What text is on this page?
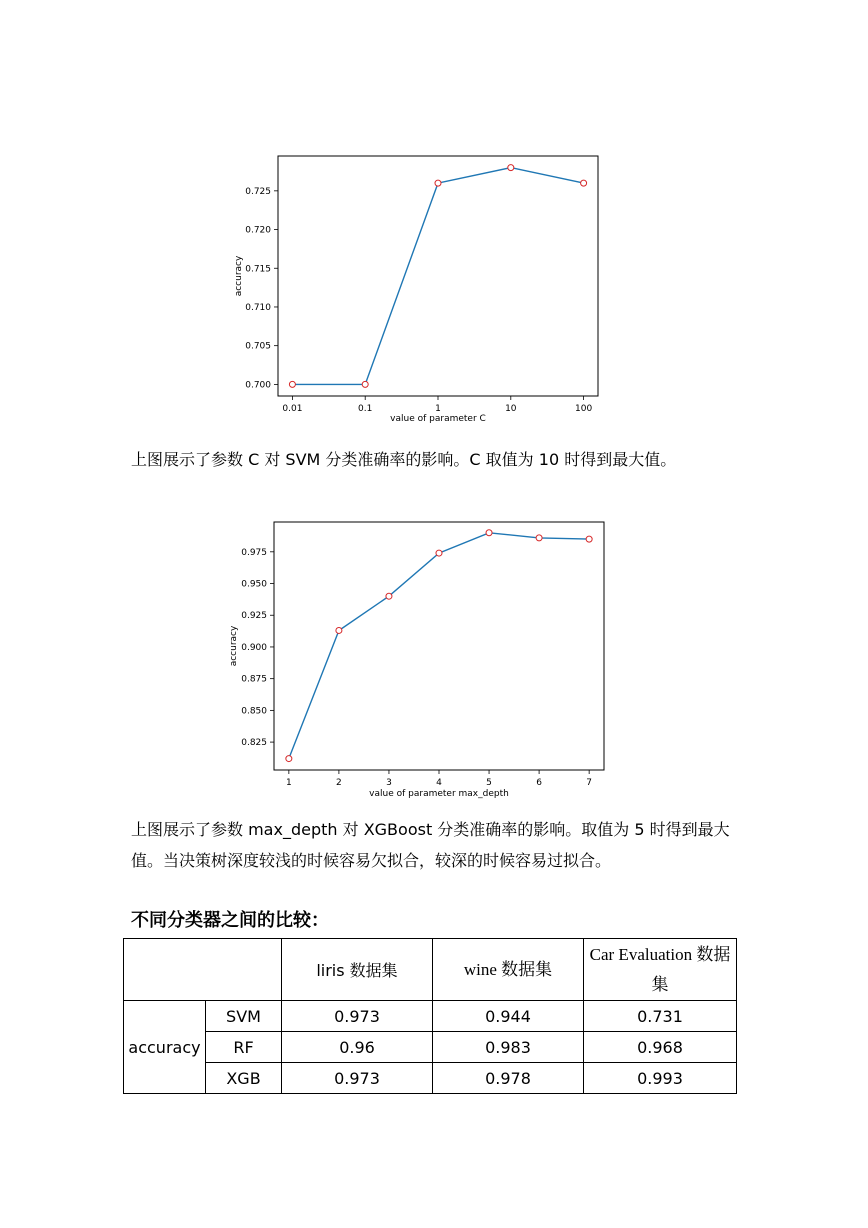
0.700
0.705
0.710
0.715
0.720
0.725
0.01	0.1	1	10	100
value of parameter C
accuracy

上图展示了参数 C 对 SVM 分类准确率的影响。C 取值为 10 时得到最大值。

0.825
0.850
0.875
0.900
0.925
0.950
0.975
1	2	3	4	5	6	7
value of parameter max_depth
accuracy

上图展示了参数 max_depth 对 XGBoost 分类准确率的影响。取值为 5 时得到最大值。当决策树深度较浅的时候容易欠拟合，较深的时候容易过拟合。

不同分类器之间的比较：
		liris 数据集	wine 数据集	Car Evaluation 数据集
accuracy	SVM	0.973	0.944	0.731
	RF	0.96	0.983	0.968
	XGB	0.973	0.978	0.993
